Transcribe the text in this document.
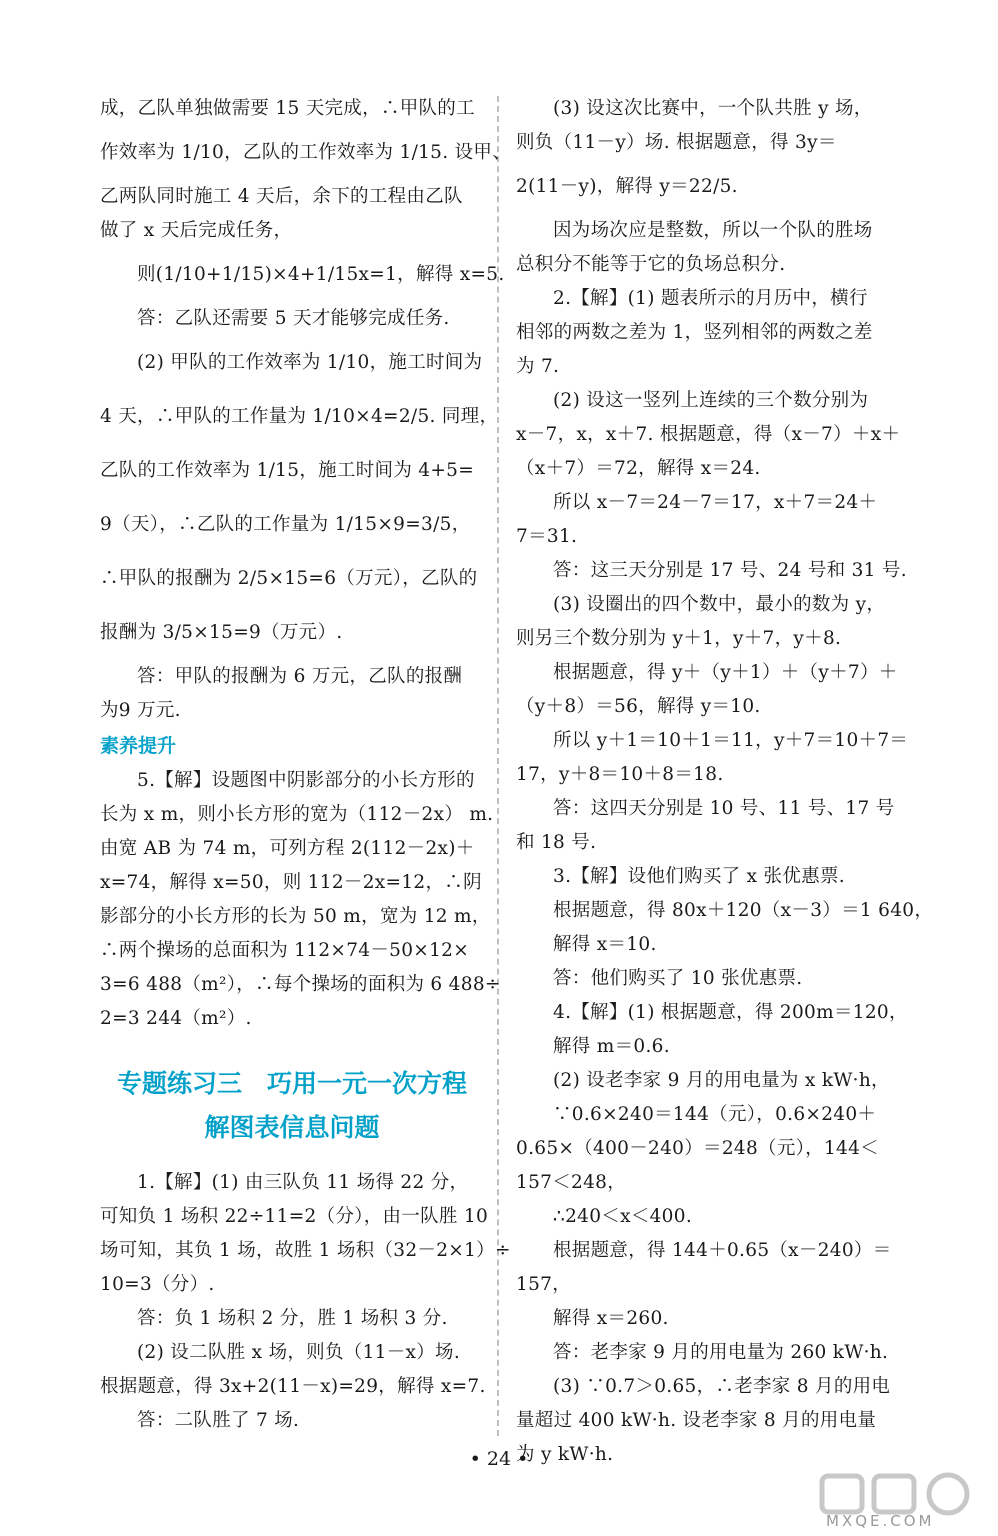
成，乙队单独做需要 15 天完成，∴甲队的工
作效率为 1/10，乙队的工作效率为 1/15. 设甲、
乙两队同时施工 4 天后，余下的工程由乙队
做了 x 天后完成任务，
则(1/10+1/15)×4+1/15x=1，解得 x=5.
答：乙队还需要 5 天才能够完成任务.
(2) 甲队的工作效率为 1/10，施工时间为
4 天，∴甲队的工作量为 1/10×4=2/5. 同理，
乙队的工作效率为 1/15，施工时间为 4+5=
9（天），∴乙队的工作量为 1/15×9=3/5，
∴甲队的报酬为 2/5×15=6（万元），乙队的
报酬为 3/5×15=9（万元）.
答：甲队的报酬为 6 万元，乙队的报酬
为9 万元.
素养提升
5.【解】设题图中阴影部分的小长方形的
长为 x m，则小长方形的宽为（112－2x） m.
由宽 AB 为 74 m，可列方程 2(112－2x)＋
x=74，解得 x=50，则 112－2x=12，∴阴
影部分的小长方形的长为 50 m，宽为 12 m，
∴两个操场的总面积为 112×74－50×12×
3=6 488（m²），∴每个操场的面积为 6 488÷
2=3 244（m²）.
专题练习三　巧用一元一次方程
解图表信息问题
1.【解】(1) 由三队负 11 场得 22 分，
可知负 1 场积 22÷11=2（分），由一队胜 10
场可知，其负 1 场，故胜 1 场积（32－2×1）÷
10=3（分）.
答：负 1 场积 2 分，胜 1 场积 3 分.
(2) 设二队胜 x 场，则负（11－x）场.
根据题意，得 3x+2(11－x)=29，解得 x=7.
答：二队胜了 7 场.
(3) 设这次比赛中，一个队共胜 y 场，
则负（11－y）场. 根据题意，得 3y＝
2(11－y)，解得 y＝22/5.
因为场次应是整数，所以一个队的胜场
总积分不能等于它的负场总积分.
2.【解】(1) 题表所示的月历中，横行
相邻的两数之差为 1，竖列相邻的两数之差
为 7.
(2) 设这一竖列上连续的三个数分别为
x－7，x，x＋7. 根据题意，得（x－7）＋x＋
（x＋7）＝72，解得 x＝24.
所以 x－7＝24－7＝17，x＋7＝24＋
7＝31.
答：这三天分别是 17 号、24 号和 31 号.
(3) 设圈出的四个数中，最小的数为 y，
则另三个数分别为 y＋1，y＋7，y＋8.
根据题意，得 y＋（y＋1）＋（y＋7）＋
（y＋8）＝56，解得 y＝10.
所以 y＋1＝10＋1＝11，y＋7＝10＋7＝
17，y＋8＝10＋8＝18.
答：这四天分别是 10 号、11 号、17 号
和 18 号.
3.【解】设他们购买了 x 张优惠票.
根据题意，得 80x＋120（x－3）＝1 640，
解得 x＝10.
答：他们购买了 10 张优惠票.
4.【解】(1) 根据题意，得 200m＝120，
解得 m＝0.6.
(2) 设老李家 9 月的用电量为 x kW·h，
∵0.6×240＝144（元），0.6×240＋
0.65×（400－240）＝248（元），144＜
157＜248，
∴240＜x＜400.
根据题意，得 144＋0.65（x－240）＝
157，
解得 x＝260.
答：老李家 9 月的用电量为 260 kW·h.
(3) ∵0.7＞0.65，∴老李家 8 月的用电
量超过 400 kW·h. 设老李家 8 月的用电量
为 y kW·h.
• 24 •
MXQE.COM
